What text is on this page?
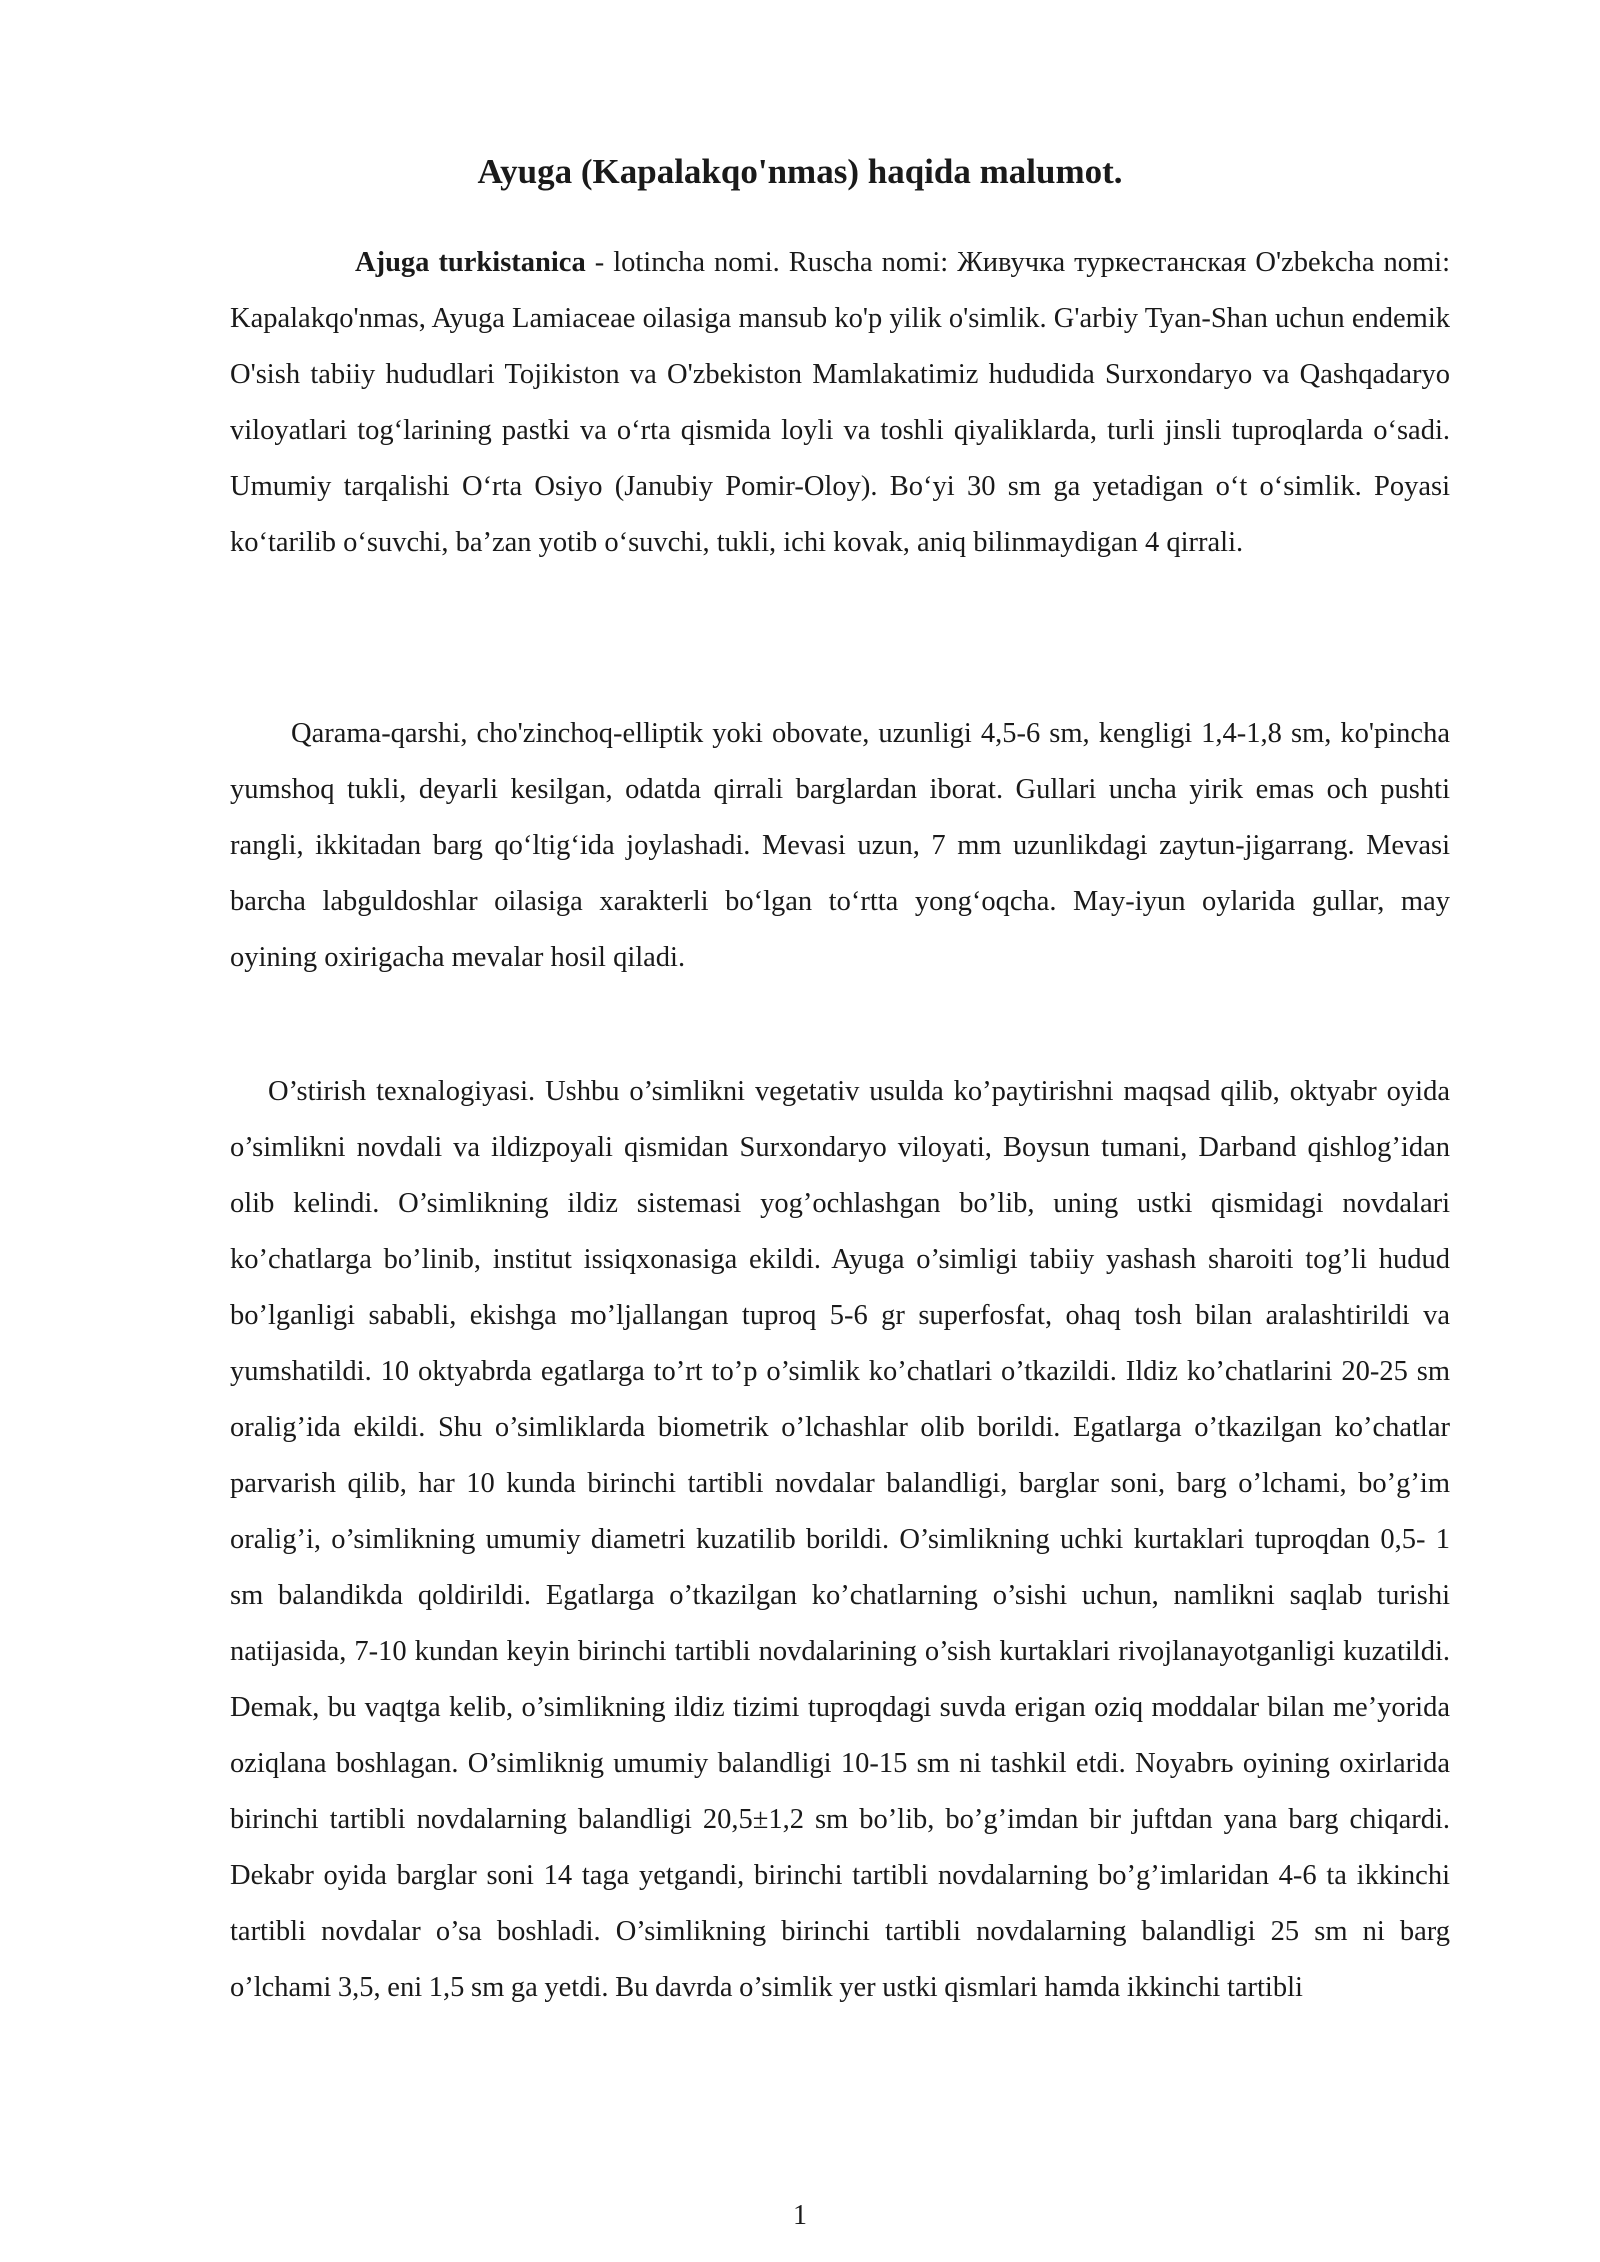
Ayuga (Kapalakqo'nmas) haqida malumot.

Ajuga turkistanica - lotincha nomi. Ruscha nomi: Живучка туркестанская O'zbekcha nomi: Kapalakqo'nmas, Ayuga Lamiaceae oilasiga mansub ko'p yilik o'simlik. G'arbiy Tyan-Shan uchun endemik O'sish tabiiy hududlari Tojikiston va O'zbekiston Mamlakatimiz hududida Surxondaryo va Qashqadaryo viloyatlari tog‘larining pastki va o‘rta qismida loyli va toshli qiyaliklarda, turli jinsli tuproqlarda o‘sadi. Umumiy tarqalishi O‘rta Osiyo (Janubiy Pomir-Oloy). Bo‘yi 30 sm ga yetadigan o‘t o‘simlik. Poyasi ko‘tarilib o‘suvchi, ba’zan yotib o‘suvchi, tukli, ichi kovak, aniq bilinmaydigan 4 qirrali.

Qarama-qarshi, cho'zinchoq-elliptik yoki obovate, uzunligi 4,5-6 sm, kengligi 1,4-1,8 sm, ko'pincha yumshoq tukli, deyarli kesilgan, odatda qirrali barglardan iborat. Gullari uncha yirik emas och pushti rangli, ikkitadan barg qo‘ltig‘ida joylashadi. Mevasi uzun, 7 mm uzunlikdagi zaytun-jigarrang. Mevasi barcha labguldoshlar oilasiga xarakterli bo‘lgan to‘rtta yong‘oqcha. May-iyun oylarida gullar, may oyining oxirigacha mevalar hosil qiladi.

O’stirish texnalogiyasi. Ushbu o’simlikni vegetativ usulda ko’paytirishni maqsad qilib, oktyabr oyida o’simlikni novdali va ildizpoyali qismidan Surxondaryo viloyati, Boysun tumani, Darband qishlog’idan olib kelindi. O’simlikning ildiz sistemasi yog’ochlashgan bo’lib, uning ustki qismidagi novdalari ko’chatlarga bo’linib, institut issiqxonasiga ekildi. Ayuga o’simligi tabiiy yashash sharoiti tog’li hudud bo’lganligi sababli, ekishga mo’ljallangan tuproq 5-6 gr superfosfat, ohaq tosh bilan aralashtirildi va yumshatildi. 10 oktyabrda egatlarga to’rt to’p o’simlik ko’chatlari o’tkazildi. Ildiz ko’chatlarini 20-25 sm oralig’ida ekildi. Shu o’simliklarda biometrik o’lchashlar olib borildi. Egatlarga o’tkazilgan ko’chatlar parvarish qilib, har 10 kunda birinchi tartibli novdalar balandligi, barglar soni, barg o’lchami, bo’g’im oralig’i, o’simlikning umumiy diametri kuzatilib borildi. O’simlikning uchki kurtaklari tuproqdan 0,5- 1 sm balandikda qoldirildi. Egatlarga o’tkazilgan ko’chatlarning o’sishi uchun, namlikni saqlab turishi natijasida, 7-10 kundan keyin birinchi tartibli novdalarining o’sish kurtaklari rivojlanayotganligi kuzatildi. Demak, bu vaqtga kelib, o’simlikning ildiz tizimi tuproqdagi suvda erigan oziq moddalar bilan me’yorida oziqlana boshlagan. O’simliknig umumiy balandligi 10-15 sm ni tashkil etdi. Noyabrь oyining oxirlarida birinchi tartibli novdalarning balandligi 20,5±1,2 sm bo’lib, bo’g’imdan bir juftdan yana barg chiqardi. Dekabr oyida barglar soni 14 taga yetgandi, birinchi tartibli novdalarning bo’g’imlaridan 4-6 ta ikkinchi tartibli novdalar o’sa boshladi. O’simlikning birinchi tartibli novdalarning balandligi 25 sm ni barg o’lchami 3,5, eni 1,5 sm ga yetdi. Bu davrda o’simlik yer ustki qismlari hamda ikkinchi tartibli

1
